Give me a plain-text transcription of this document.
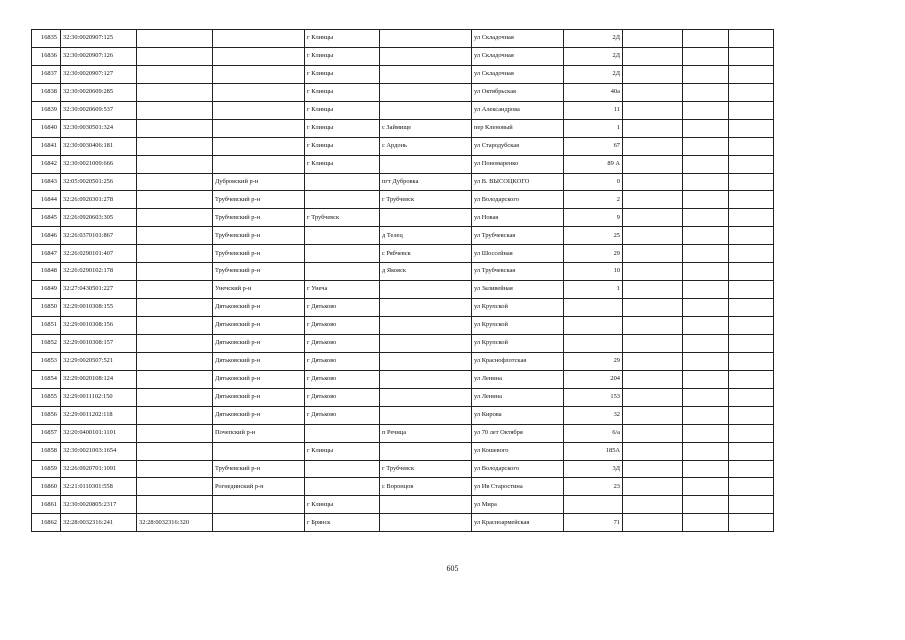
16835	32:30:0020907:125			г Клинцы		ул Складочная	2Д			
16836	32:30:0020907:126			г Клинцы		ул Складочная	2Д			
16837	32:30:0020907:127			г Клинцы		ул Складочная	2Д			
16838	32:30:0020609:285			г Клинцы		ул Октябрьская	40а			
16839	32:30:0020609:537			г Клинцы		ул Александрова	11			
16840	32:30:0030501:324			г Клинцы	с Займище	пер Кленовый	1			
16841	32:30:0030406:181			г Клинцы	с Ардонь	ул Стародубская	67			
16842	32:30:0021009:666			г Клинцы		ул Пономаренко	89 А			
16843	32:05:0020501:256		Дубровский р-н		пгт Дубровка	ул В. ВЫСОЦКОГО	0			
16844	32:26:0920301:278		Трубчевский р-н		г Трубчевск	ул Володарского	2			
16845	32:26:0920603:305		Трубчевский р-н	г Трубчевск		ул Новая	9			
16846	32:26:0370101:867		Трубчевский р-н		д Телец	ул Трубчевская	25			
16847	32:26:0290101:407		Трубчевский р-н		с Рябчевск	ул Шоссейная	29			
16848	32:26:0290102:178		Трубчевский р-н		д Яковск	ул Трубчевская	10			
16849	32:27:0430501:227		Унечский р-н	г Унеча		ул Заливейная	1			
16850	32:29:0010308:155		Дятьковский р-н	г Дятьково		ул Крупской				
16851	32:29:0010308:156		Дятьковский р-н	г Дятьково		ул Крупской				
16852	32:29:0010308:157		Дятьковский р-н	г Дятьково		ул Крупской				
16853	32:29:0020507:521		Дятьковский р-н	г Дятьково		ул Краснофлотская	29			
16854	32:29:0020108:124		Дятьковский р-н	г Дятьково		ул Ленина	204			
16855	32:29:0011102:150		Дятьковский р-н	г Дятьково		ул Ленина	153			
16856	32:29:0011202:118		Дятьковский р-н	г Дятьково		ул Кирова	32			
16857	32:20:0400101:1101		Почепский р-н		п Речица	ул 70 лет Октября	6/a			
16858	32:30:0021003:1654			г Клинцы		ул Кошевого	185А			
16859	32:26:0920701:1091		Трубчевский р-н		г Трубчевск	ул Володарского	3Д			
16860	32:21:0110301:558		Рогнединский р-н		с Воронцов	ул Ив Старостина	23			
16861	32:30:0020805:2317			г Клинцы		ул Мира				
16862	32:28:0032316:241	32:28:0032316:320		г Брянск		ул Красноармейская	71			
605
